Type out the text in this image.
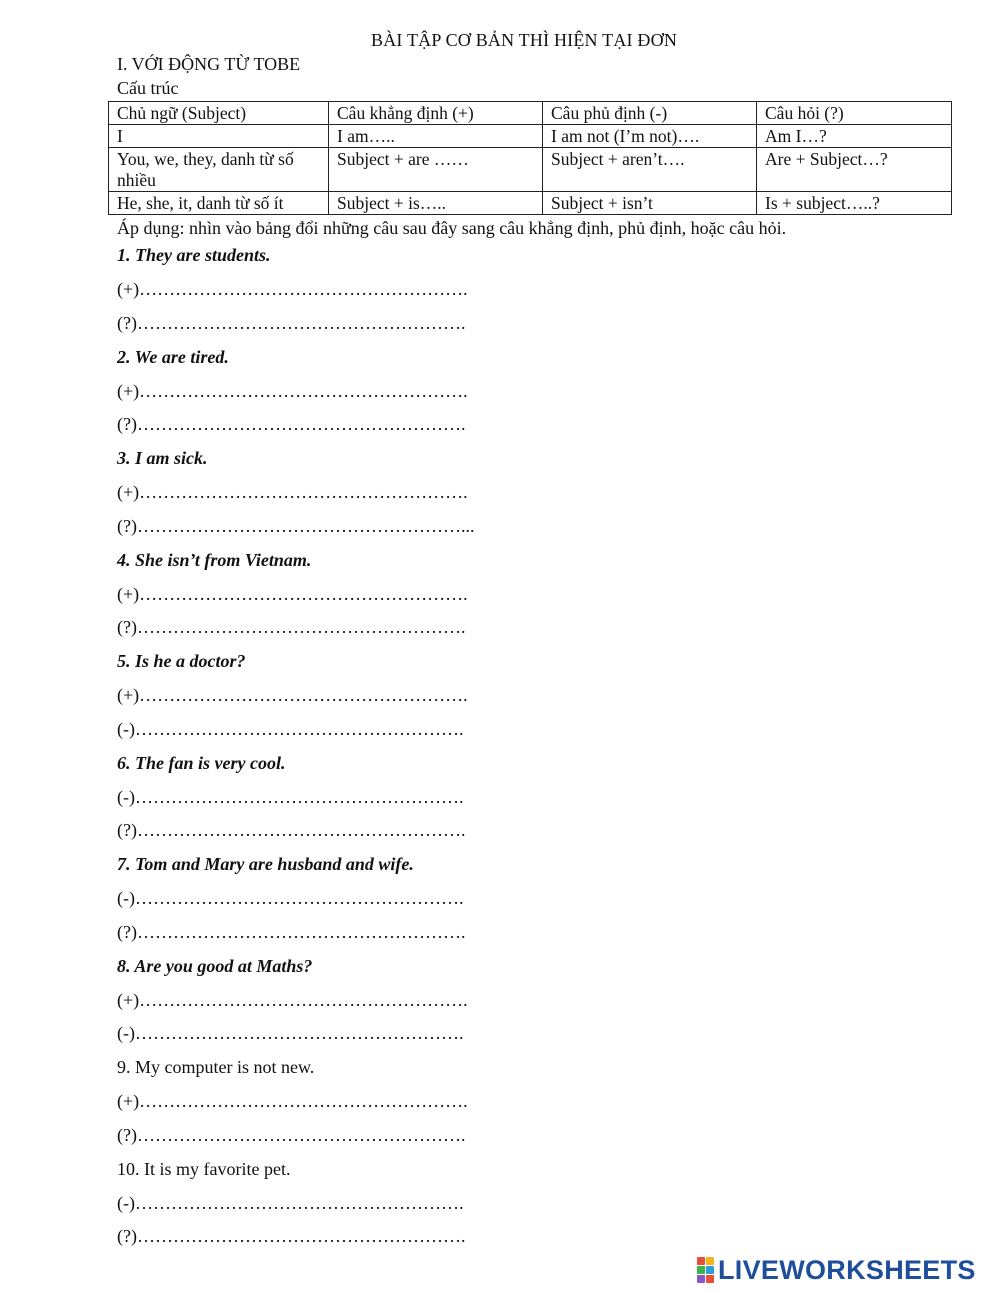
BÀI TẬP CƠ BẢN THÌ HIỆN TẠI ĐƠN
I. VỚI ĐỘNG TỪ TOBE
Cấu trúc
Chủ ngữ (Subject)	Câu khẳng định (+)	Câu phủ định (-)	Câu hỏi (?)
I	I am…..	I am not (I’m not)….	Am I…?
You, we, they, danh từ số nhiều	Subject + are ……	Subject + aren’t….	Are + Subject…?
He, she, it, danh từ số ít	Subject + is…..	Subject + isn’t	Is + subject…..?
Áp dụng: nhìn vào bảng đổi những câu sau đây sang câu khẳng định, phủ định, hoặc câu hỏi.
1. They are students.
(+)……………………………………………….
(?)……………………………………………….
2. We are tired.
(+)……………………………………………….
(?)……………………………………………….
3. I am sick.
(+)……………………………………………….
(?)………………………………………………...
4. She isn’t from Vietnam.
(+)……………………………………………….
(?)……………………………………………….
5. Is he a doctor?
(+)……………………………………………….
(-)……………………………………………….
6. The fan is very cool.
(-)……………………………………………….
(?)……………………………………………….
7. Tom and Mary are husband and wife.
(-)……………………………………………….
(?)……………………………………………….
8. Are you good at Maths?
(+)……………………………………………….
(-)……………………………………………….
9. My computer is not new.
(+)……………………………………………….
(?)……………………………………………….
10. It is my favorite pet.
(-)……………………………………………….
(?)……………………………………………….
LIVEWORKSHEETS
